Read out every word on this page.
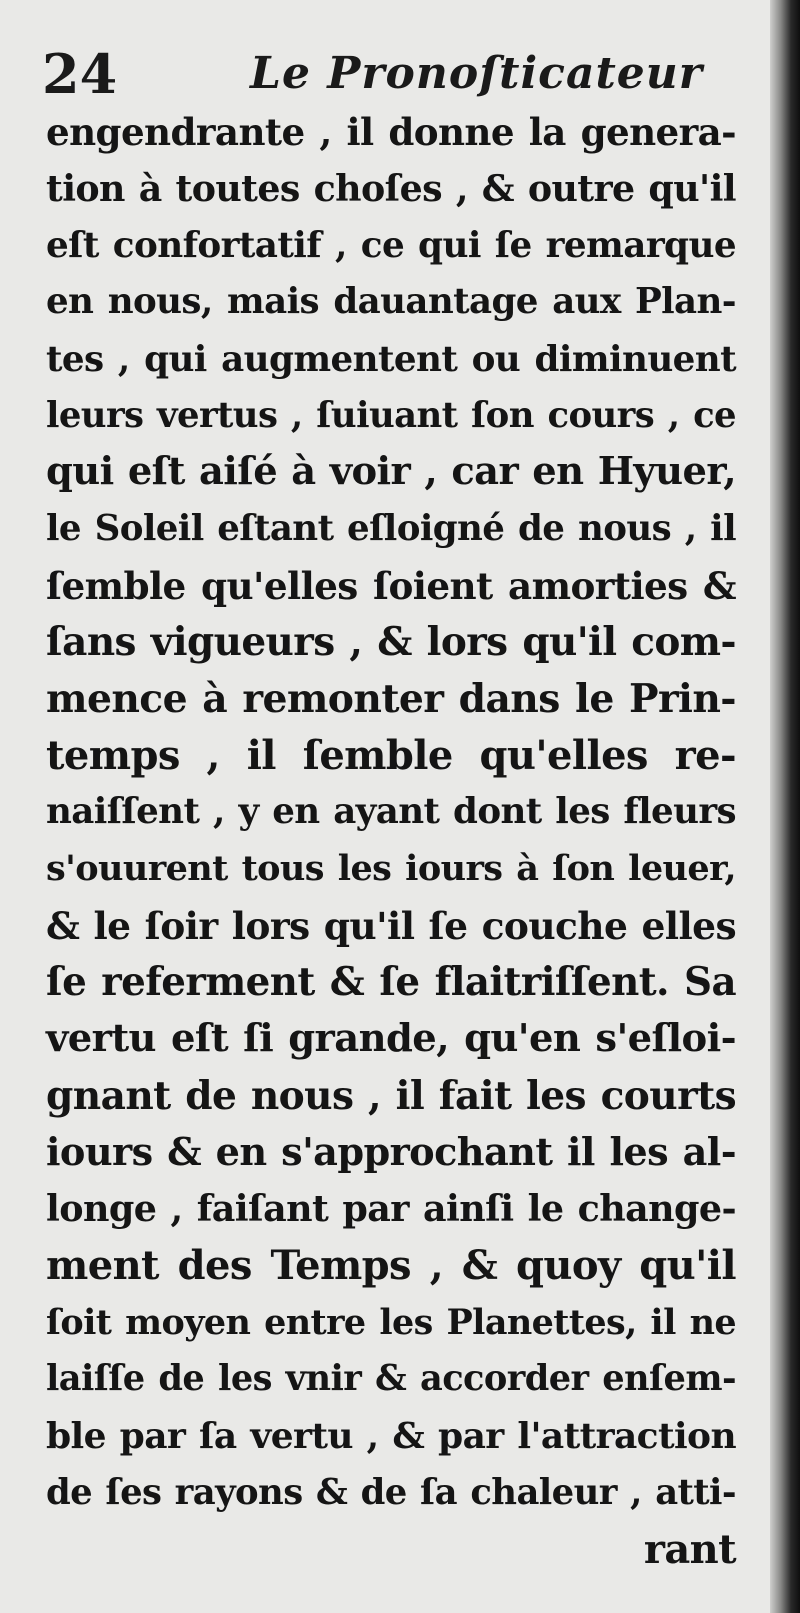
24	Le Pronoſticateur
engendrante , il donne la genera-
tion à toutes choſes , & outre qu'il
eſt confortatif , ce qui ſe remarque
en nous, mais dauantage aux Plan-
tes , qui augmentent ou diminuent
leurs vertus , ſuiuant ſon cours , ce
qui eſt aiſé à voir , car en Hyuer,
le Soleil eſtant eſloigné de nous , il
ſemble qu'elles ſoient amorties &
ſans vigueurs , & lors qu'il com-
mence à remonter dans le Prin-
temps , il ſemble qu'elles re-
naiſſent , y en ayant dont les fleurs
s'ouurent tous les iours à ſon leuer,
& le ſoir lors qu'il ſe couche elles
ſe referment & ſe flaitriſſent. Sa
vertu eſt ſi grande, qu'en s'eſloi-
gnant de nous , il fait les courts
iours & en s'approchant il les al-
longe , faiſant par ainſi le change-
ment des Temps , & quoy qu'il
ſoit moyen entre les Planettes, il ne
laiſſe de les vnir & accorder enſem-
ble par ſa vertu , & par l'attraction
de ſes rayons & de ſa chaleur , atti-
rant
